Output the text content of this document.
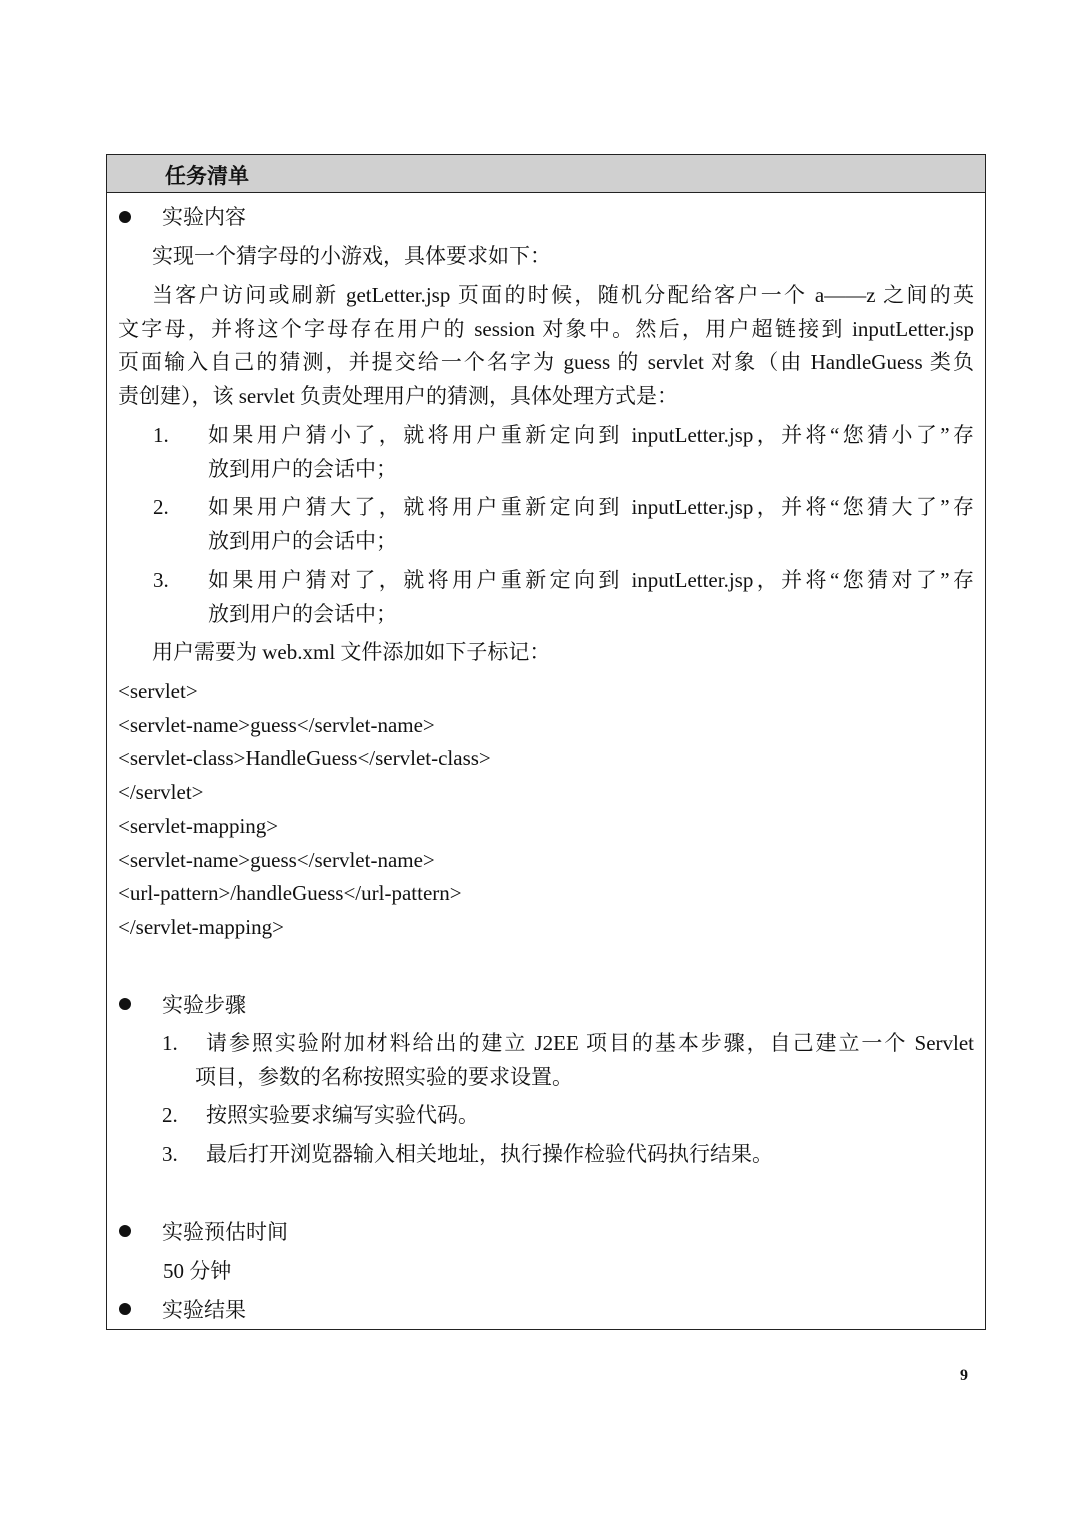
任务清单
实验内容
实现一个猜字母的小游戏，具体要求如下：
当客户访问或刷新 getLetter.jsp 页面的时候，随机分配给客户一个 a——z 之间的英
文字母，并将这个字母存在用户的 session 对象中。然后，用户超链接到 inputLetter.jsp
页面输入自己的猜测，并提交给一个名字为 guess 的 servlet 对象（由 HandleGuess 类负
责创建），该 servlet 负责处理用户的猜测，具体处理方式是：
1. 如果用户猜小了，就将用户重新定向到 inputLetter.jsp，并将“您猜小了”存
放到用户的会话中；
2. 如果用户猜大了，就将用户重新定向到 inputLetter.jsp，并将“您猜大了”存
放到用户的会话中；
3. 如果用户猜对了，就将用户重新定向到 inputLetter.jsp，并将“您猜对了”存
放到用户的会话中；
用户需要为 web.xml 文件添加如下子标记：
<servlet>
<servlet-name>guess</servlet-name>
<servlet-class>HandleGuess</servlet-class>
</servlet>
<servlet-mapping>
<servlet-name>guess</servlet-name>
<url-pattern>/handleGuess</url-pattern>
</servlet-mapping>
实验步骤
1. 请参照实验附加材料给出的建立 J2EE 项目的基本步骤，自己建立一个 Servlet
项目，参数的名称按照实验的要求设置。
2. 按照实验要求编写实验代码。
3. 最后打开浏览器输入相关地址，执行操作检验代码执行结果。
实验预估时间
50 分钟
实验结果
9
